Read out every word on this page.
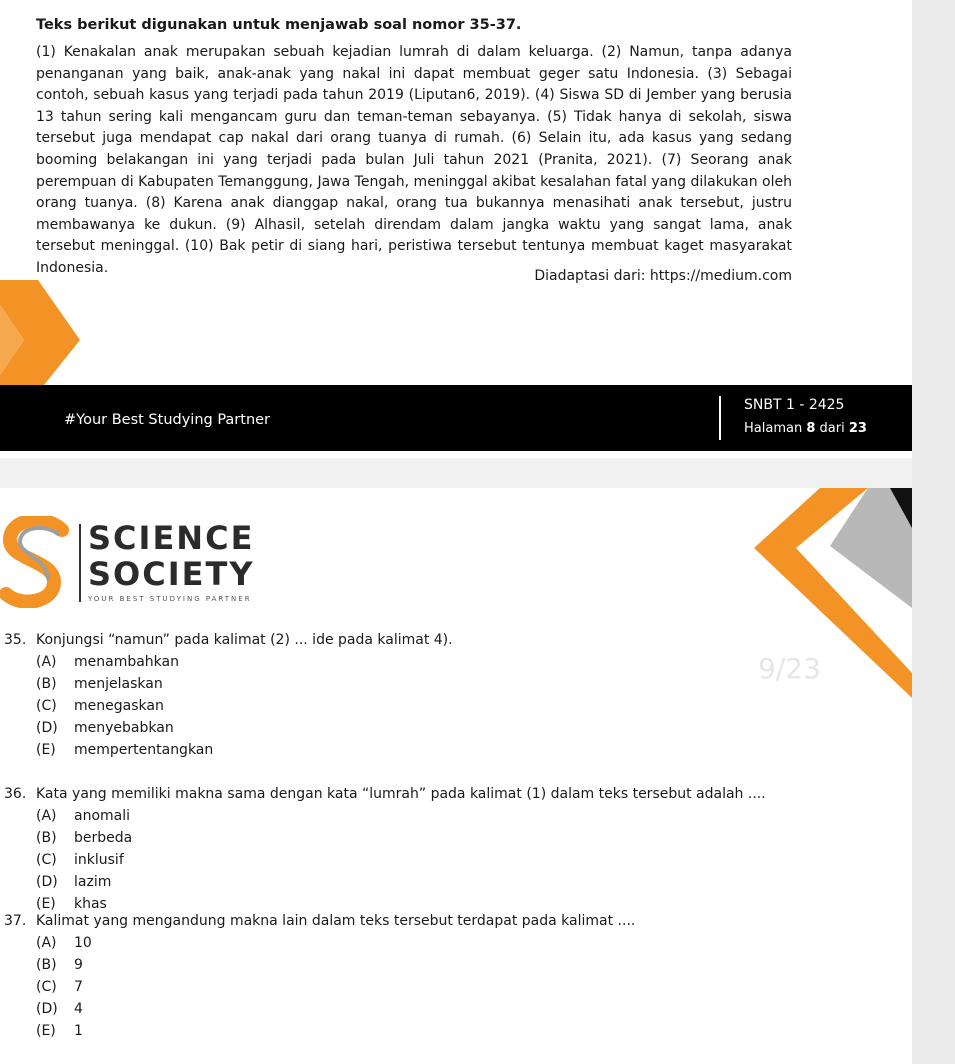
Teks berikut digunakan untuk menjawab soal nomor 35-37.

(1) Kenakalan anak merupakan sebuah kejadian lumrah di dalam keluarga. (2) Namun, tanpa adanya penanganan yang baik, anak-anak yang nakal ini dapat membuat geger satu Indonesia. (3) Sebagai contoh, sebuah kasus yang terjadi pada tahun 2019 (Liputan6, 2019). (4) Siswa SD di Jember yang berusia 13 tahun sering kali mengancam guru dan teman-teman sebayanya. (5) Tidak hanya di sekolah, siswa tersebut juga mendapat cap nakal dari orang tuanya di rumah. (6) Selain itu, ada kasus yang sedang booming belakangan ini yang terjadi pada bulan Juli tahun 2021 (Pranita, 2021). (7) Seorang anak perempuan di Kabupaten Temanggung, Jawa Tengah, meninggal akibat kesalahan fatal yang dilakukan oleh orang tuanya. (8) Karena anak dianggap nakal, orang tua bukannya menasihati anak tersebut, justru membawanya ke dukun. (9) Alhasil, setelah direndam dalam jangka waktu yang sangat lama, anak tersebut meninggal. (10) Bak petir di siang hari, peristiwa tersebut tentunya membuat kaget masyarakat Indonesia.

Diadaptasi dari: https://medium.com
#Your Best Studying Partner
SNBT 1 - 2425
Halaman 8 dari 23
SCIENCE
SOCIETY
YOUR BEST STUDYING PARTNER
9/23
35. Konjungsi “namun” pada kalimat (2) ... ide pada kalimat 4).
(A)	menambahkan
(B)	menjelaskan
(C)	menegaskan
(D)	menyebabkan
(E)	mempertentangkan
36. Kata yang memiliki makna sama dengan kata “lumrah” pada kalimat (1) dalam teks tersebut adalah ....
(A)	anomali
(B)	berbeda
(C)	inklusif
(D)	lazim
(E)	khas
37. Kalimat yang mengandung makna lain dalam teks tersebut terdapat pada kalimat ....
(A)	10
(B)	9
(C)	7
(D)	4
(E)	1
